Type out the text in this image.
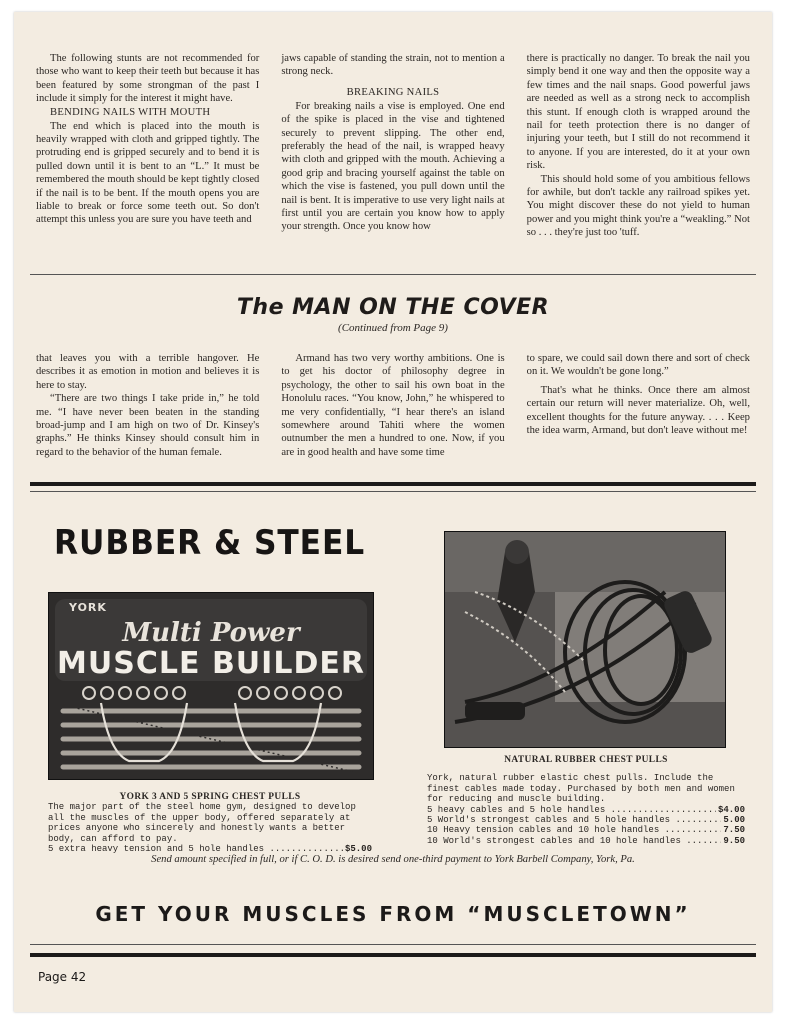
The following stunts are not recommended for those who want to keep their teeth but because it has been featured by some strongman of the past I include it simply for the interest it might have.

BENDING NAILS WITH MOUTH

The end which is placed into the mouth is heavily wrapped with cloth and gripped tightly. The protruding end is gripped securely and to bend it is pulled down until it is bent to an “L.” It must be remembered the mouth should be kept tightly closed if the nail is to be bent. If the mouth opens you are liable to break or force some teeth out. So don't attempt this unless you are sure you have teeth and

jaws capable of standing the strain, not to mention a strong neck.

BREAKING NAILS

For breaking nails a vise is employed. One end of the spike is placed in the vise and tightened securely to prevent slipping. The other end, preferably the head of the nail, is wrapped heavy with cloth and gripped with the mouth. Achieving a good grip and bracing yourself against the table on which the vise is fastened, you pull down until the nail is bent. It is imperative to use very light nails at first until you are certain you know how to apply your strength. Once you know how

there is practically no danger. To break the nail you simply bend it one way and then the opposite way a few times and the nail snaps. Good powerful jaws are needed as well as a strong neck to accomplish this stunt. If enough cloth is wrapped around the nail for teeth protection there is no danger of injuring your teeth, but I still do not recommend it to anyone. If you are interested, do it at your own risk.

This should hold some of you ambitious fellows for awhile, but don't tackle any railroad spikes yet. You might discover these do not yield to human power and you might think you're a “weakling.” Not so . . . they're just too 'tuff.

The MAN ON THE COVER
(Continued from Page 9)

that leaves you with a terrible hangover. He describes it as emotion in motion and believes it is here to stay.

“There are two things I take pride in,” he told me. “I have never been beaten in the standing broad-jump and I am high on two of Dr. Kinsey's graphs.” He thinks Kinsey should consult him in regard to the behavior of the human female.

Armand has two very worthy ambitions. One is to get his doctor of philosophy degree in psychology, the other to sail his own boat in the Honolulu races. “You know, John,” he whispered to me very confidentially, “I hear there's an island somewhere around Tahiti where the women outnumber the men a hundred to one. Now, if you are in good health and have some time

to spare, we could sail down there and sort of check on it. We wouldn't be gone long.”

That's what he thinks. Once there am almost certain our return will never materialize. Oh, well, excellent thoughts for the future anyway. . . . Keep the idea warm, Armand, but don't leave without me!

RUBBER & STEEL
YORK
Multi Power
MUSCLE BUILDER
YORK 3 AND 5 SPRING CHEST PULLS
The major part of the steel home gym, designed to develop all the muscles of the upper body, offered separately at prices anyone who sincerely and honestly wants a better body, can afford to pay.
5 extra heavy tension and 5 hole handles .....	$5.00
NATURAL RUBBER CHEST PULLS
York, natural rubber elastic chest pulls. Include the finest cables made today. Purchased by both men and women for reducing and muscle building.
5 heavy cables and 5 hole handles .....	$4.00
5 World's strongest cables and 5 hole handles .....	5.00
10 Heavy tension cables and 10 hole handles .....	7.50
10 World's strongest cables and 10 hole handles .....	9.50
Send amount specified in full, or if C. O. D. is desired send one-third payment to York Barbell Company, York, Pa.
GET YOUR MUSCLES FROM “MUSCLETOWN”
Page 42
